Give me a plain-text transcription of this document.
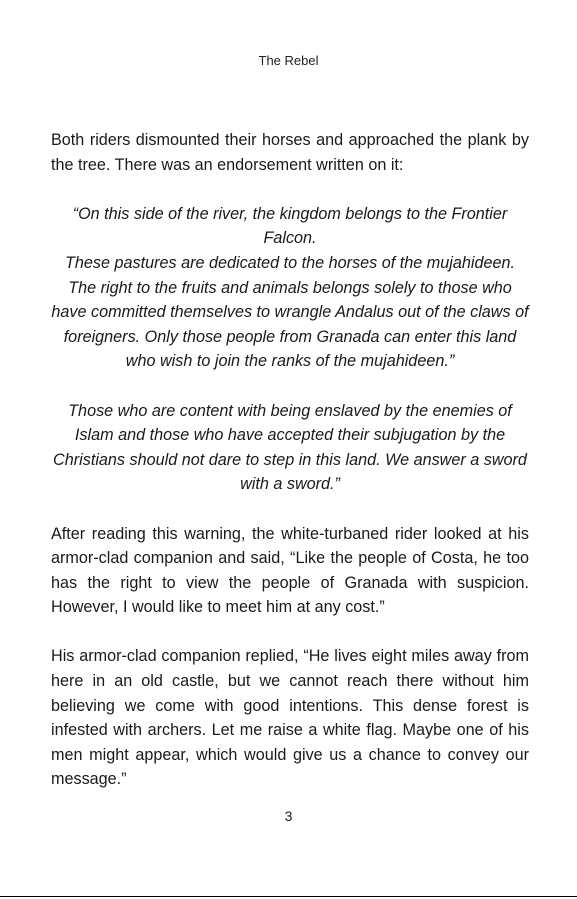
The Rebel

Both riders dismounted their horses and approached the plank by the tree. There was an endorsement written on it:

“On this side of the river, the kingdom belongs to the Frontier Falcon.

These pastures are dedicated to the horses of the mujahideen. The right to the fruits and animals belongs solely to those who have committed themselves to wrangle Andalus out of the claws of foreigners. Only those people from Granada can enter this land who wish to join the ranks of the mujahideen.”

Those who are content with being enslaved by the enemies of Islam and those who have accepted their subjugation by the Christians should not dare to step in this land. We answer a sword with a sword.”

After reading this warning, the white-turbaned rider looked at his armor-clad companion and said, “Like the people of Costa, he too has the right to view the people of Granada with suspicion. However, I would like to meet him at any cost.”

His armor-clad companion replied, “He lives eight miles away from here in an old castle, but we cannot reach there without him believing we come with good intentions. This dense forest is infested with archers. Let me raise a white flag. Maybe one of his men might appear, which would give us a chance to convey our message.”

3
